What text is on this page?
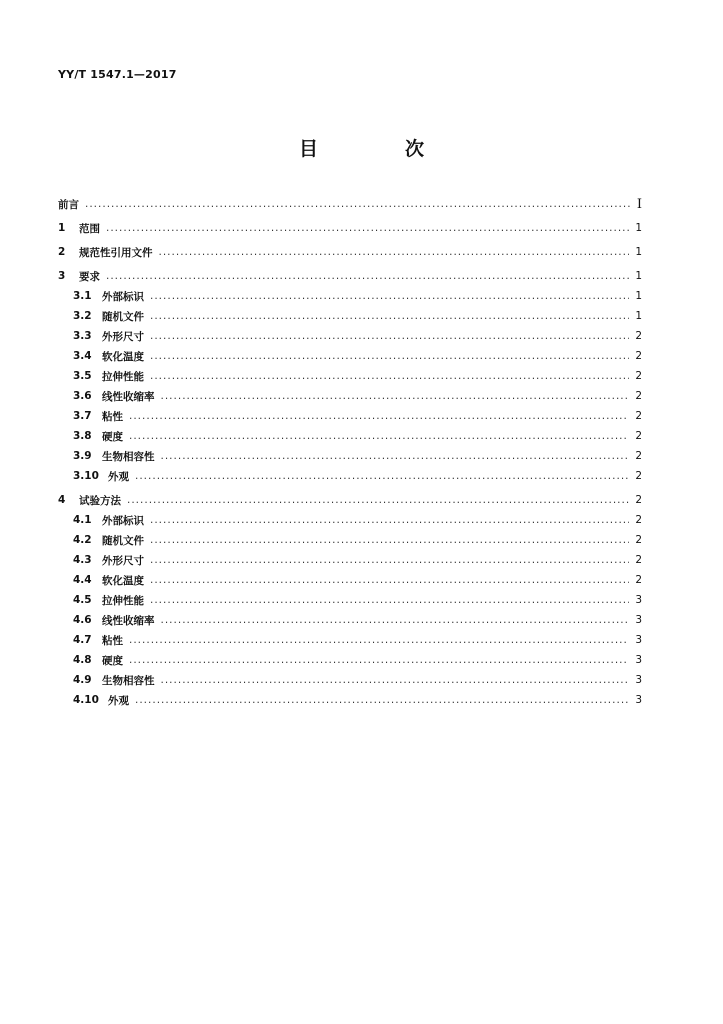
YY/T 1547.1—2017
目　次
前言 .....	I
1	范围 .....	1
2	规范性引用文件 .....	1
3	要求 .....	1
3.1 外部标识 .....	1
3.2 随机文件 .....	1
3.3 外形尺寸 .....	2
3.4 软化温度 .....	2
3.5 拉伸性能 .....	2
3.6 线性收缩率 .....	2
3.7 粘性 .....	2
3.8 硬度 .....	2
3.9 生物相容性 .....	2
3.10 外观 .....	2
4	试验方法 .....	2
4.1 外部标识 .....	2
4.2 随机文件 .....	2
4.3 外形尺寸 .....	2
4.4 软化温度 .....	2
4.5 拉伸性能 .....	3
4.6 线性收缩率 .....	3
4.7 粘性 .....	3
4.8 硬度 .....	3
4.9 生物相容性 .....	3
4.10 外观 .....	3
